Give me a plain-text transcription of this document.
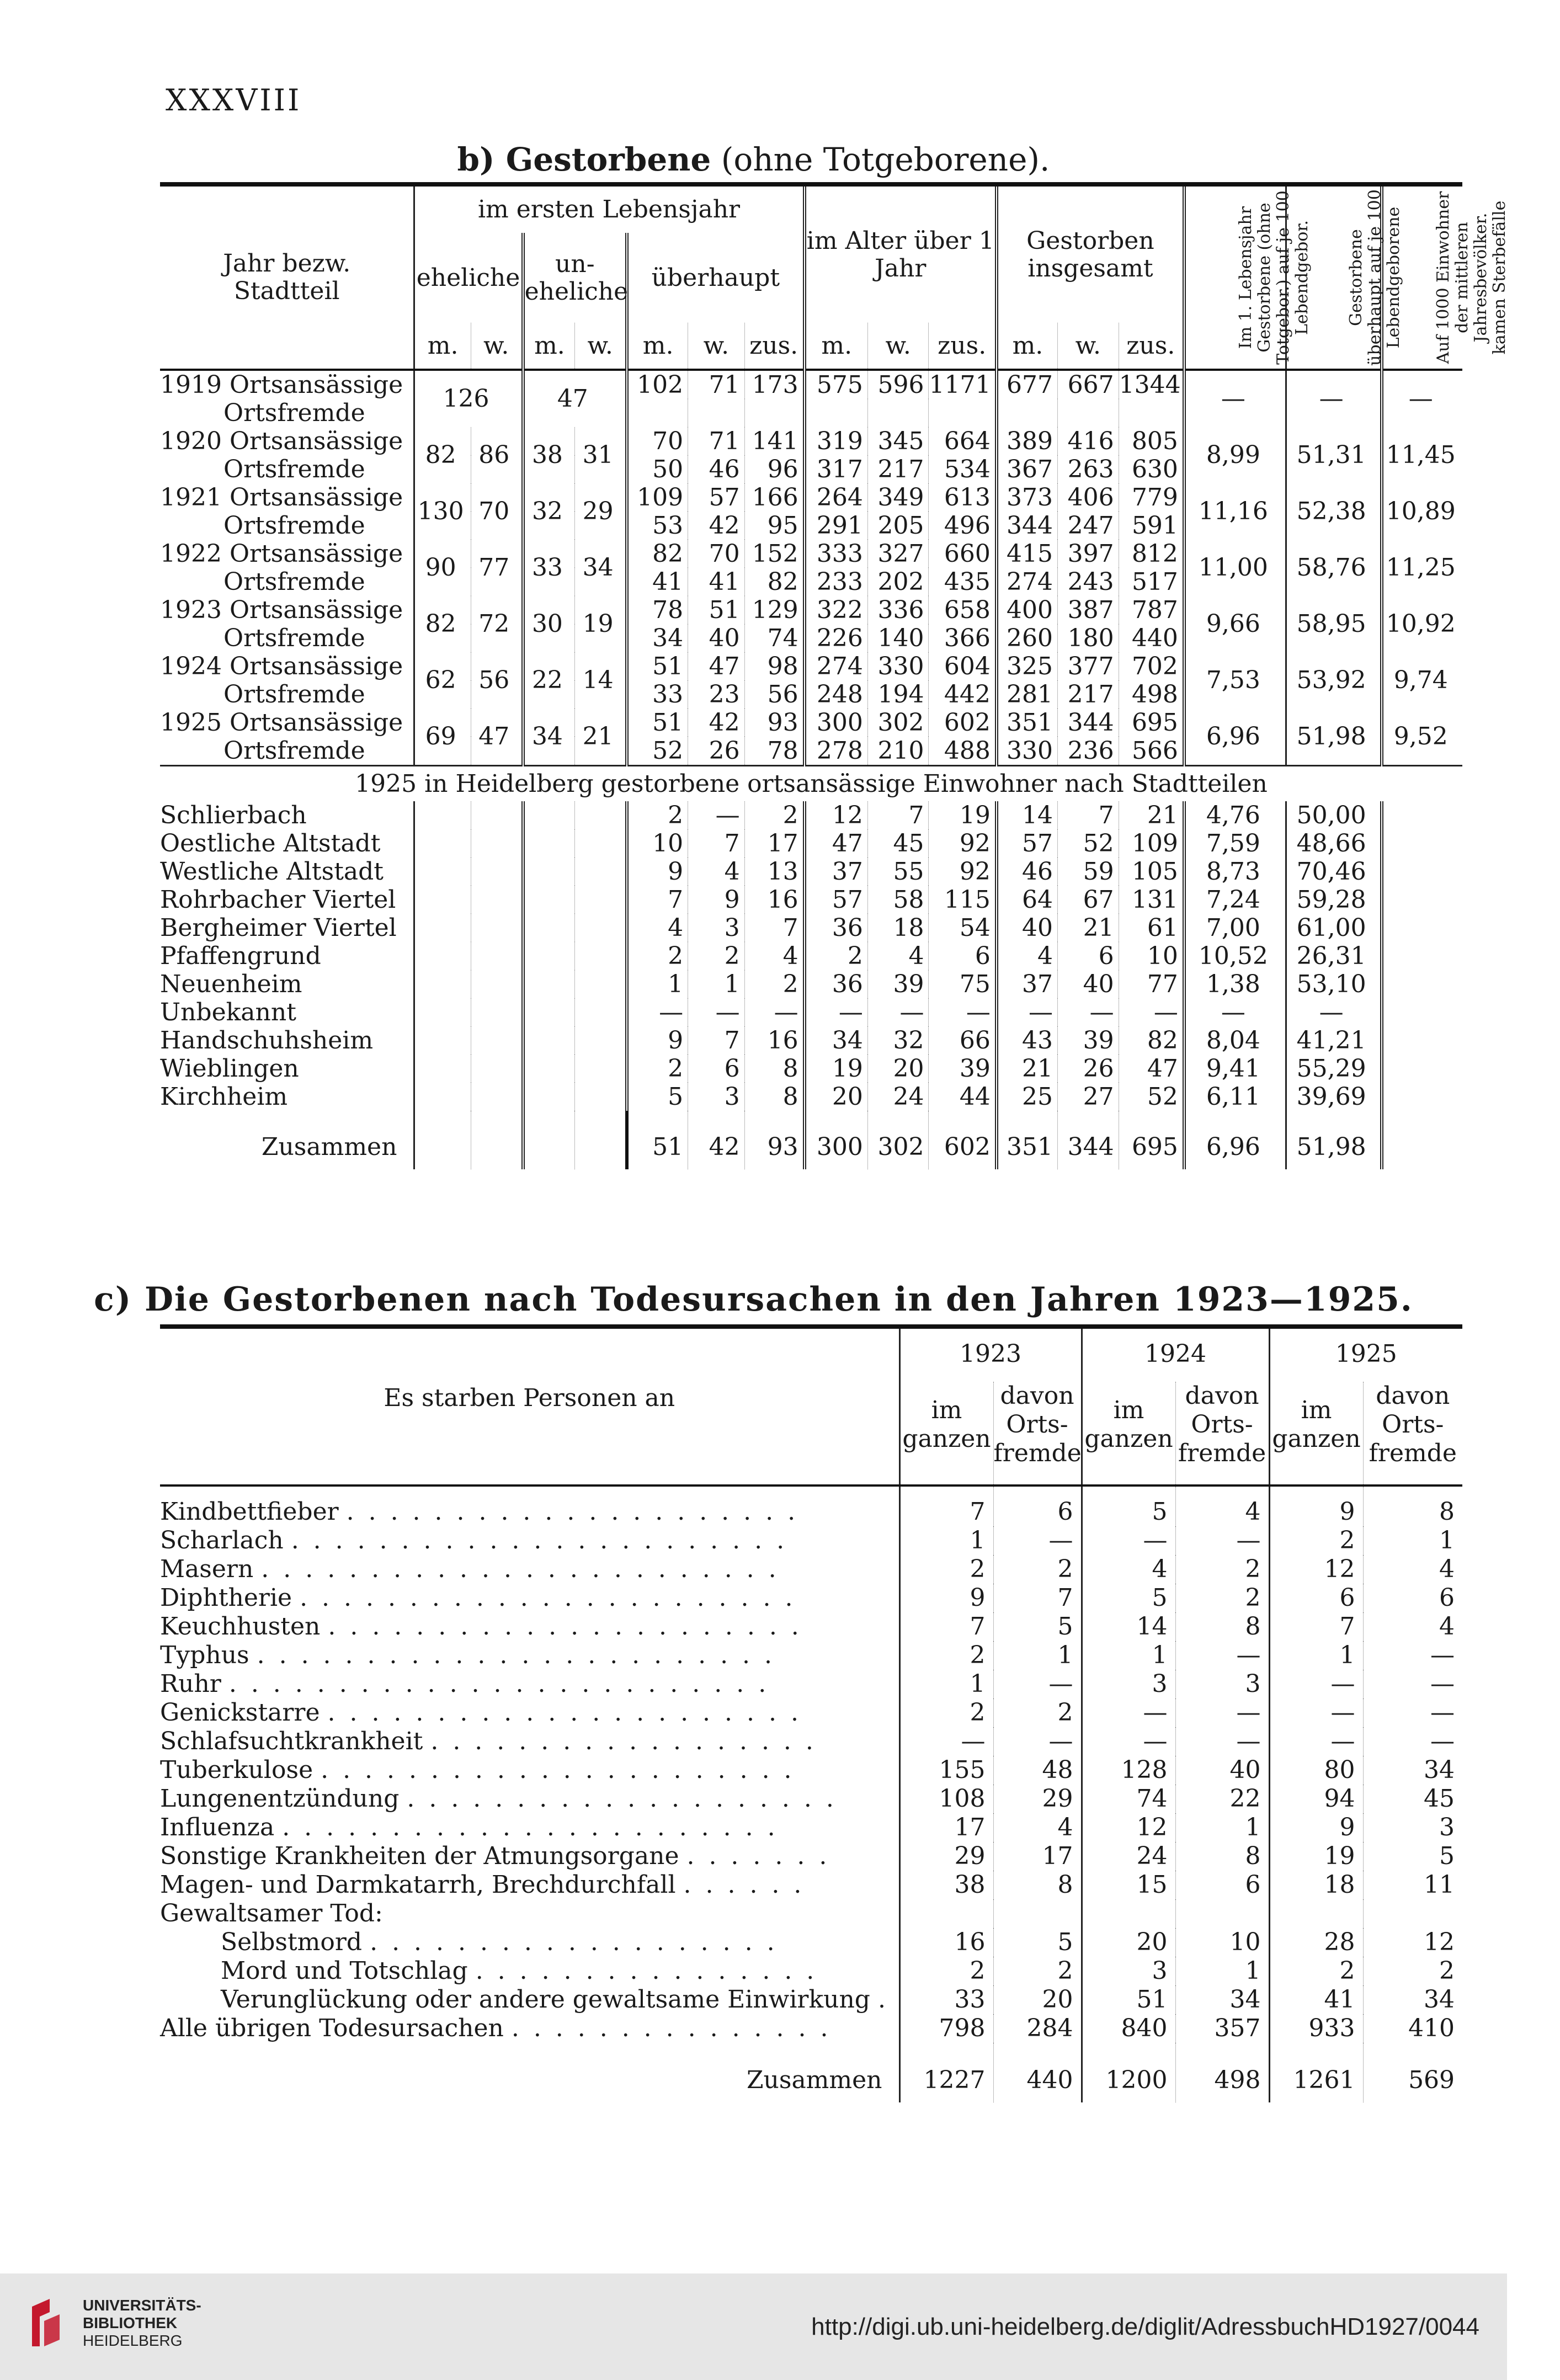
XXXVIII
b) Gestorbene (ohne Totgeborene).
Jahr bezw. Stadtteil	im ersten Lebensjahr							im Alter über 1 Jahr			Gestorben insgesamt			Im 1. Lebensjahr Gestorbene (ohne Totgebor.) auf je 100 Lebendgebor.	Gestorbene überhaupt auf je 100 Lebendgeborene	Auf 1000 Einwohner der mittleren Jahresbevölker. kamen Sterbefälle
	eheliche		un- eheliche		überhaupt											
	m.	w.	m.	w.	m.	w.	zus.	m.	w.	zus.	m.	w.	zus.			
1919 Ortsansässige	126		47		102	71	173	575	596	1171	677	667	1344	—	—	—
Ortsfremde																
1920 Ortsansässige	82	86	38	31	70	71	141	319	345	664	389	416	805	8,99	51,31	11,45
Ortsfremde					50	46	96	317	217	534	367	263	630			
1921 Ortsansässige	130	70	32	29	109	57	166	264	349	613	373	406	779	11,16	52,38	10,89
Ortsfremde					53	42	95	291	205	496	344	247	591			
1922 Ortsansässige	90	77	33	34	82	70	152	333	327	660	415	397	812	11,00	58,76	11,25
Ortsfremde					41	41	82	233	202	435	274	243	517			
1923 Ortsansässige	82	72	30	19	78	51	129	322	336	658	400	387	787	9,66	58,95	10,92
Ortsfremde					34	40	74	226	140	366	260	180	440			
1924 Ortsansässige	62	56	22	14	51	47	98	274	330	604	325	377	702	7,53	53,92	9,74
Ortsfremde					33	23	56	248	194	442	281	217	498			
1925 Ortsansässige	69	47	34	21	51	42	93	300	302	602	351	344	695	6,96	51,98	9,52
Ortsfremde					52	26	78	278	210	488	330	236	566			
1925 in Heidelberg gestorbene ortsansässige Einwohner nach Stadtteilen																
Schlierbach					2	—	2	12	7	19	14	7	21	4,76	50,00	
Oestliche Altstadt					10	7	17	47	45	92	57	52	109	7,59	48,66	
Westliche Altstadt					9	4	13	37	55	92	46	59	105	8,73	70,46	
Rohrbacher Viertel					7	9	16	57	58	115	64	67	131	7,24	59,28	
Bergheimer Viertel					4	3	7	36	18	54	40	21	61	7,00	61,00	
Pfaffengrund					2	2	4	2	4	6	4	6	10	10,52	26,31	
Neuenheim					1	1	2	36	39	75	37	40	77	1,38	53,10	
Unbekannt					—	—	—	—	—	—	—	—	—	—	—	
Handschuhsheim					9	7	16	34	32	66	43	39	82	8,04	41,21	
Wieblingen					2	6	8	19	20	39	21	26	47	9,41	55,29	
Kirchheim					5	3	8	20	24	44	25	27	52	6,11	39,69	
Zusammen					51	42	93	300	302	602	351	344	695	6,96	51,98	
c) Die Gestorbenen nach Todesursachen in den Jahren 1923—1925.
Es starben Personen an	1923		1924		1925	
	im ganzen	davon Orts- fremde	im ganzen	davon Orts- fremde	im ganzen	davon Orts- fremde
Kindbettfieber . . . . . . . . . . . . . . . . . . . . .	7	6	5	4	9	8
Scharlach . . . . . . . . . . . . . . . . . . . . . . .	1	—	—	—	2	1
Masern . . . . . . . . . . . . . . . . . . . . . . . .	2	2	4	2	12	4
Diphtherie . . . . . . . . . . . . . . . . . . . . . . .	9	7	5	2	6	6
Keuchhusten . . . . . . . . . . . . . . . . . . . . . .	7	5	14	8	7	4
Typhus . . . . . . . . . . . . . . . . . . . . . . . .	2	1	1	—	1	—
Ruhr . . . . . . . . . . . . . . . . . . . . . . . . .	1	—	3	3	—	—
Genickstarre . . . . . . . . . . . . . . . . . . . . . .	2	2	—	—	—	—
Schlafsuchtkrankheit . . . . . . . . . . . . . . . . . .	—	—	—	—	—	—
Tuberkulose . . . . . . . . . . . . . . . . . . . . . .	155	48	128	40	80	34
Lungenentzündung . . . . . . . . . . . . . . . . . . . .	108	29	74	22	94	45
Influenza . . . . . . . . . . . . . . . . . . . . . . .	17	4	12	1	9	3
Sonstige Krankheiten der Atmungsorgane . . . . . . .	29	17	24	8	19	5
Magen- und Darmkatarrh, Brechdurchfall . . . . . .	38	8	15	6	18	11
Gewaltsamer Tod:						
Selbstmord . . . . . . . . . . . . . . . . . . .	16	5	20	10	28	12
Mord und Totschlag . . . . . . . . . . . . . . . .	2	2	3	1	2	2
Verunglückung oder andere gewaltsame Einwirkung .	33	20	51	34	41	34
Alle übrigen Todesursachen . . . . . . . . . . . . . . .	798	284	840	357	933	410
Zusammen	1227	440	1200	498	1261	569
UNIVERSITÄTS-
BIBLIOTHEK
HEIDELBERG
http://digi.ub.uni-heidelberg.de/diglit/AdressbuchHD1927/0044
